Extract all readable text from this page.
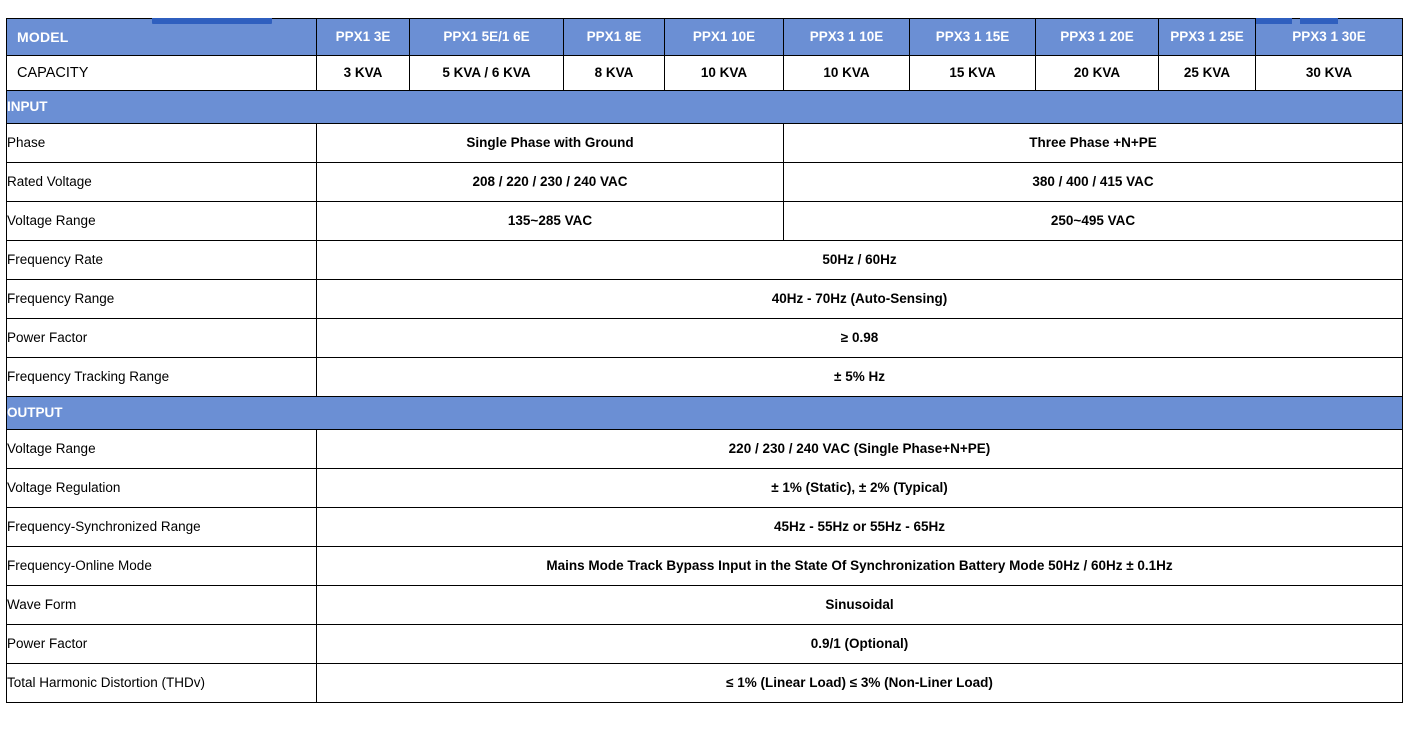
MODEL	PPX1 3E	PPX1 5E/1 6E	PPX1 8E	PPX1 10E	PPX3 1 10E	PPX3 1 15E	PPX3 1 20E	PPX3 1 25E	PPX3 1 30E
CAPACITY	3 KVA	5 KVA / 6 KVA	8 KVA	10 KVA	10 KVA	15 KVA	20 KVA	25 KVA	30 KVA
INPUT									
Phase	Single Phase with Ground				Three Phase +N+PE				
Rated Voltage	208 / 220 / 230 / 240 VAC				380 / 400 / 415 VAC				
Voltage Range	135~285 VAC				250~495 VAC				
Frequency Rate	50Hz / 60Hz								
Frequency Range	40Hz - 70Hz (Auto-Sensing)								
Power Factor	≥ 0.98								
Frequency Tracking Range	± 5% Hz								
OUTPUT									
Voltage Range	220 / 230 / 240 VAC (Single Phase+N+PE)								
Voltage Regulation	± 1% (Static), ± 2% (Typical)								
Frequency-Synchronized Range	45Hz - 55Hz or 55Hz - 65Hz								
Frequency-Online Mode	Mains Mode Track Bypass Input in the State Of Synchronization Battery Mode 50Hz / 60Hz ± 0.1Hz								
Wave Form	Sinusoidal								
Power Factor	0.9/1 (Optional)								
Total Harmonic Distortion (THDv)	≤ 1% (Linear Load) ≤ 3% (Non-Liner Load)								
